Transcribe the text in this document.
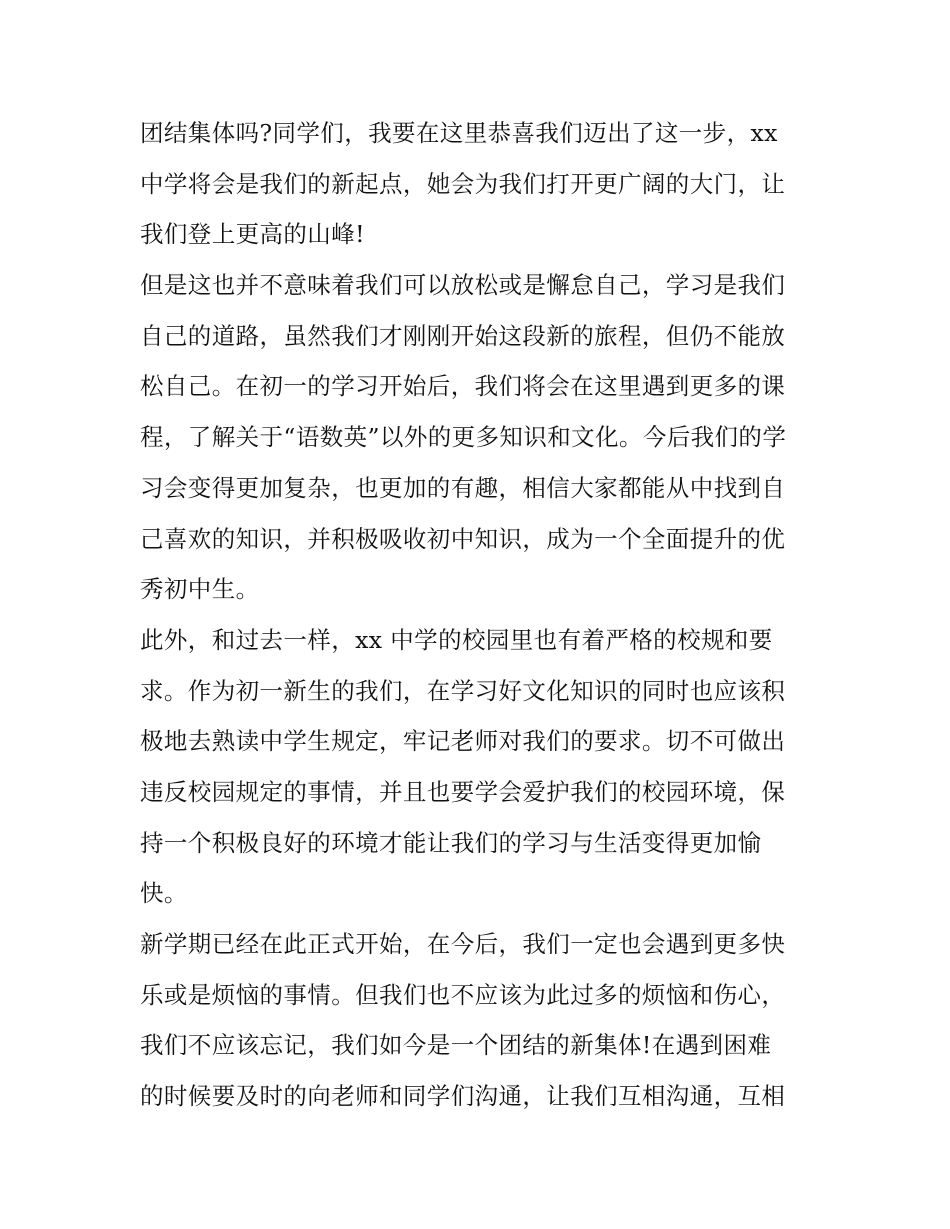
团结集体吗?同学们，我要在这里恭喜我们迈出了这一步，xx
中学将会是我们的新起点，她会为我们打开更广阔的大门，让
我们登上更高的山峰!
但是这也并不意味着我们可以放松或是懈怠自己，学习是我们
自己的道路，虽然我们才刚刚开始这段新的旅程，但仍不能放
松自己。在初一的学习开始后，我们将会在这里遇到更多的课
程，了解关于“语数英”以外的更多知识和文化。今后我们的学
习会变得更加复杂，也更加的有趣，相信大家都能从中找到自
己喜欢的知识，并积极吸收初中知识，成为一个全面提升的优
秀初中生。
此外，和过去一样，xx 中学的校园里也有着严格的校规和要
求。作为初一新生的我们，在学习好文化知识的同时也应该积
极地去熟读中学生规定，牢记老师对我们的要求。切不可做出
违反校园规定的事情，并且也要学会爱护我们的校园环境，保
持一个积极良好的环境才能让我们的学习与生活变得更加愉
快。
新学期已经在此正式开始，在今后，我们一定也会遇到更多快
乐或是烦恼的事情。但我们也不应该为此过多的烦恼和伤心，
我们不应该忘记，我们如今是一个团结的新集体!在遇到困难
的时候要及时的向老师和同学们沟通，让我们互相沟通，互相
